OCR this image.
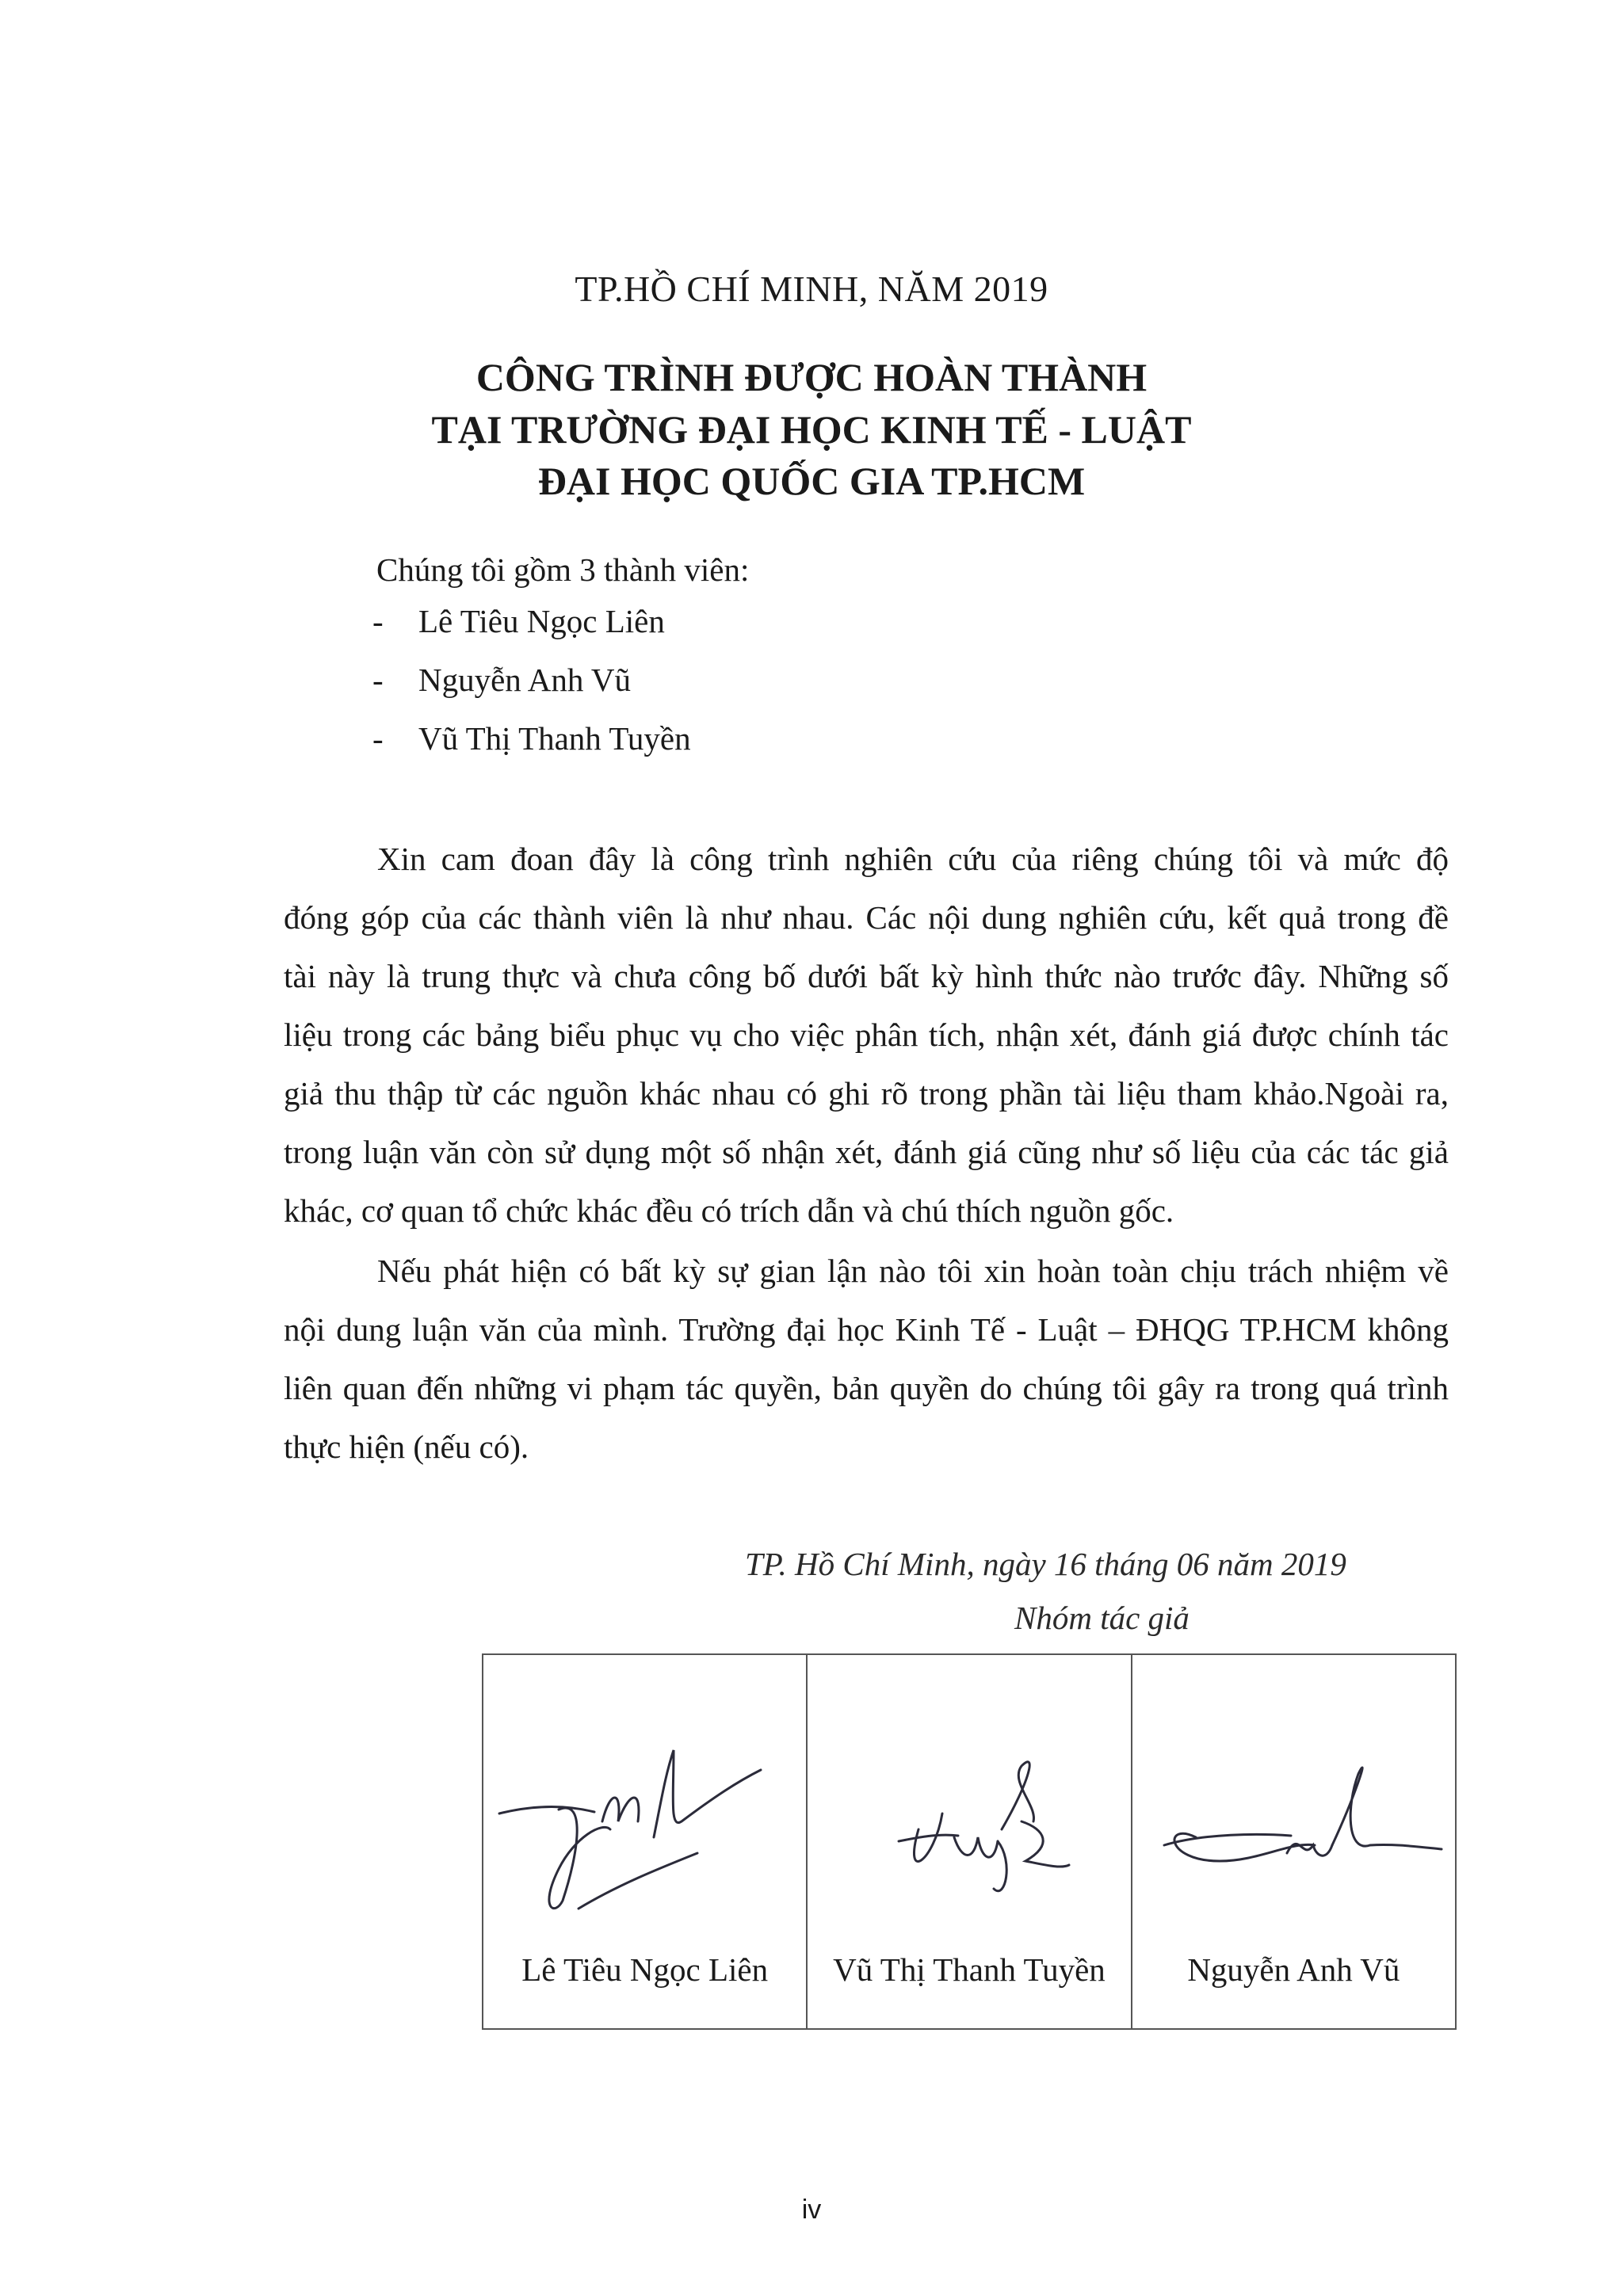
TP.HỒ CHÍ MINH, NĂM 2019
CÔNG TRÌNH ĐƯỢC HOÀN THÀNH
TẠI TRƯỜNG ĐẠI HỌC KINH TẾ - LUẬT
ĐẠI HỌC QUỐC GIA TP.HCM
Chúng tôi gồm 3 thành viên:
- Lê Tiêu Ngọc Liên
- Nguyễn Anh Vũ
- Vũ Thị Thanh Tuyền
Xin cam đoan đây là công trình nghiên cứu của riêng chúng tôi và mức độ
đóng góp của các thành viên là như nhau. Các nội dung nghiên cứu, kết quả trong đề
tài này là trung thực và chưa công bố dưới bất kỳ hình thức nào trước đây. Những số
liệu trong các bảng biểu phục vụ cho việc phân tích, nhận xét, đánh giá được chính tác
giả thu thập từ các nguồn khác nhau có ghi rõ trong phần tài liệu tham khảo.Ngoài ra,
trong luận văn còn sử dụng một số nhận xét, đánh giá cũng như số liệu của các tác giả
khác, cơ quan tổ chức khác đều có trích dẫn và chú thích nguồn gốc.
Nếu phát hiện có bất kỳ sự gian lận nào tôi xin hoàn toàn chịu trách nhiệm về
nội dung luận văn của mình. Trường đại học Kinh Tế - Luật – ĐHQG TP.HCM không
liên quan đến những vi phạm tác quyền, bản quyền do chúng tôi gây ra trong quá trình
thực hiện (nếu có).
TP. Hồ Chí Minh, ngày 16 tháng 06 năm 2019
Nhóm tác giả
Lê Tiêu Ngọc Liên	Vũ Thị Thanh Tuyền	Nguyễn Anh Vũ
iv
